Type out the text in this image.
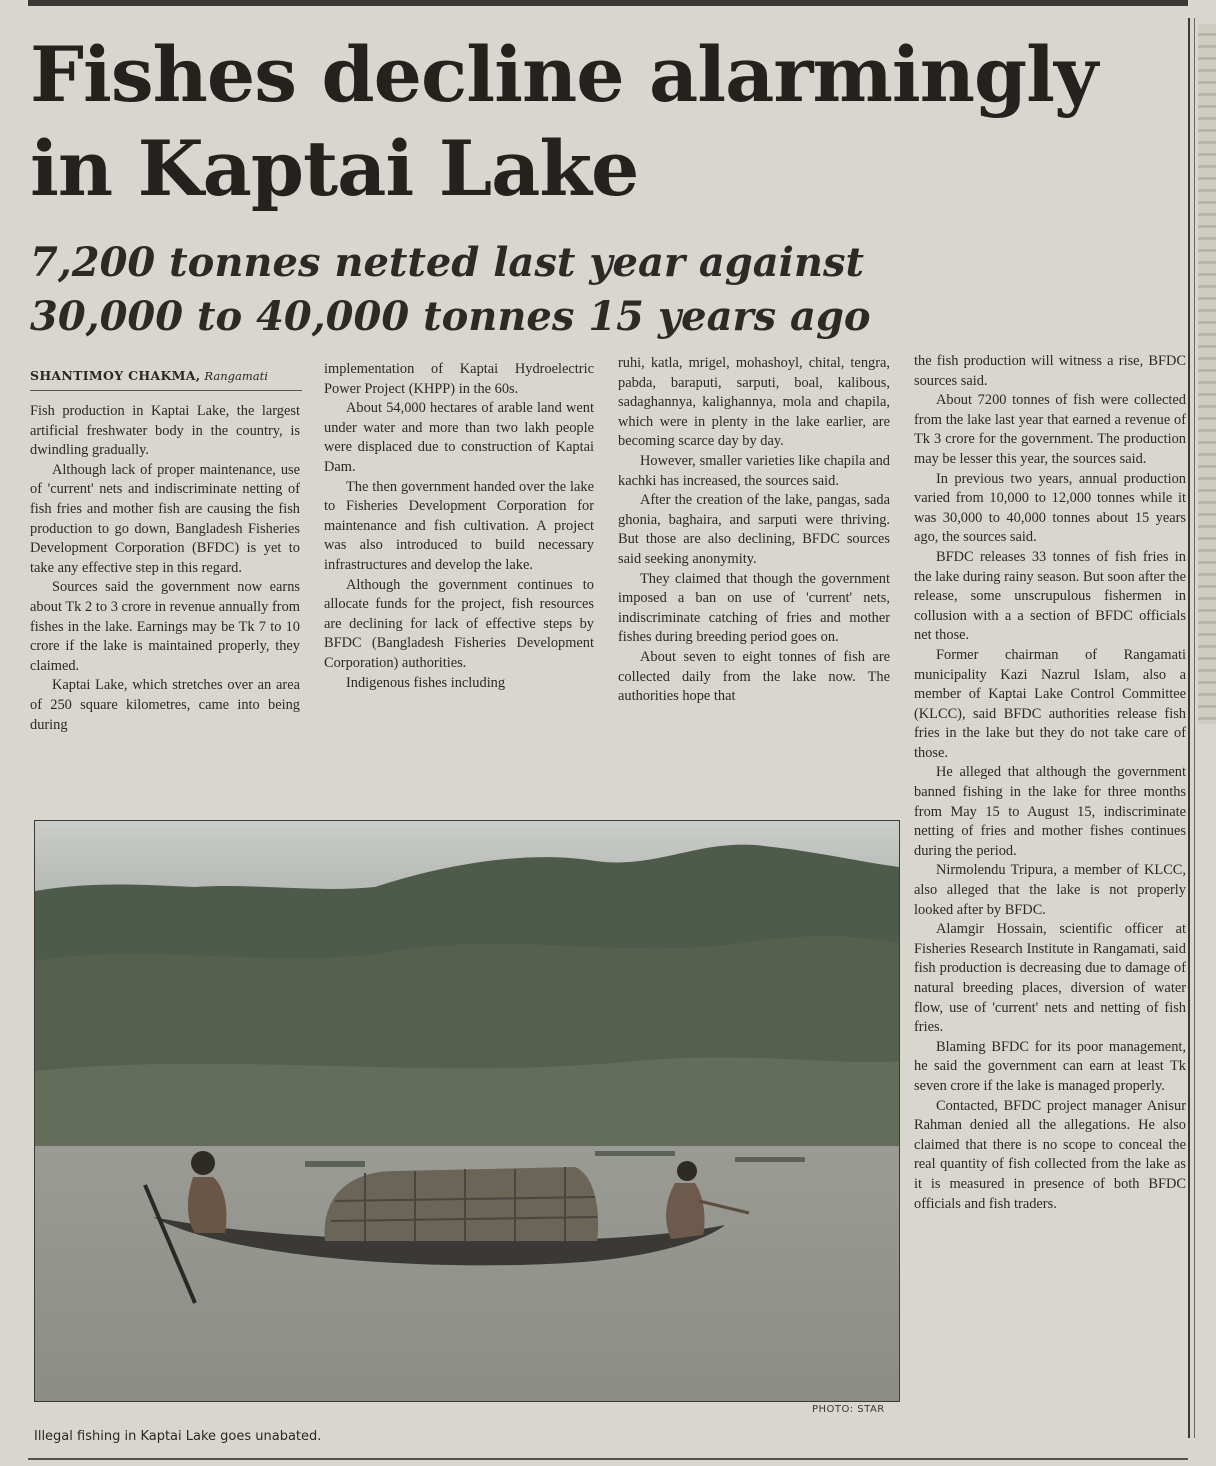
Fishes decline alarmingly in Kaptai Lake
7,200 tonnes netted last year against 30,000 to 40,000 tonnes 15 years ago
SHANTIMOY CHAKMA, Rangamati

Fish production in Kaptai Lake, the largest artificial freshwater body in the country, is dwindling gradually.

Although lack of proper maintenance, use of 'current' nets and indiscriminate netting of fish fries and mother fish are causing the fish production to go down, Bangladesh Fisheries Development Corporation (BFDC) is yet to take any effective step in this regard.

Sources said the government now earns about Tk 2 to 3 crore in revenue annually from fishes in the lake. Earnings may be Tk 7 to 10 crore if the lake is maintained properly, they claimed.

Kaptai Lake, which stretches over an area of 250 square kilometres, came into being during

implementation of Kaptai Hydroelectric Power Project (KHPP) in the 60s.

About 54,000 hectares of arable land went under water and more than two lakh people were displaced due to construction of Kaptai Dam.

The then government handed over the lake to Fisheries Development Corporation for maintenance and fish cultivation. A project was also introduced to build necessary infrastructures and develop the lake.

Although the government continues to allocate funds for the project, fish resources are declining for lack of effective steps by BFDC (Bangladesh Fisheries Development Corporation) authorities.

Indigenous fishes including

ruhi, katla, mrigel, mohashoyl, chital, tengra, pabda, baraputi, sarputi, boal, kalibous, sadaghannya, kalighannya, mola and chapila, which were in plenty in the lake earlier, are becoming scarce day by day.

However, smaller varieties like chapila and kachki has increased, the sources said.

After the creation of the lake, pangas, sada ghonia, baghaira, and sarputi were thriving. But those are also declining, BFDC sources said seeking anonymity.

They claimed that though the government imposed a ban on use of 'current' nets, indiscriminate catching of fries and mother fishes during breeding period goes on.

About seven to eight tonnes of fish are collected daily from the lake now. The authorities hope that

the fish production will witness a rise, BFDC sources said.

About 7200 tonnes of fish were collected from the lake last year that earned a revenue of Tk 3 crore for the government. The production may be lesser this year, the sources said.

In previous two years, annual production varied from 10,000 to 12,000 tonnes while it was 30,000 to 40,000 tonnes about 15 years ago, the sources said.

BFDC releases 33 tonnes of fish fries in the lake during rainy season. But soon after the release, some unscrupulous fishermen in collusion with a a section of BFDC officials net those.

Former chairman of Rangamati municipality Kazi Nazrul Islam, also a member of Kaptai Lake Control Committee (KLCC), said BFDC authorities release fish fries in the lake but they do not take care of those.

He alleged that although the government banned fishing in the lake for three months from May 15 to August 15, indiscriminate netting of fries and mother fishes continues during the period.

Nirmolendu Tripura, a member of KLCC, also alleged that the lake is not properly looked after by BFDC.

Alamgir Hossain, scientific officer at Fisheries Research Institute in Rangamati, said fish production is decreasing due to damage of natural breeding places, diversion of water flow, use of 'current' nets and netting of fish fries.

Blaming BFDC for its poor management, he said the government can earn at least Tk seven crore if the lake is managed properly.

Contacted, BFDC project manager Anisur Rahman denied all the allegations. He also claimed that there is no scope to conceal the real quantity of fish collected from the lake as it is measured in presence of both BFDC officials and fish traders.

PHOTO: STAR
Illegal fishing in Kaptai Lake goes unabated.
